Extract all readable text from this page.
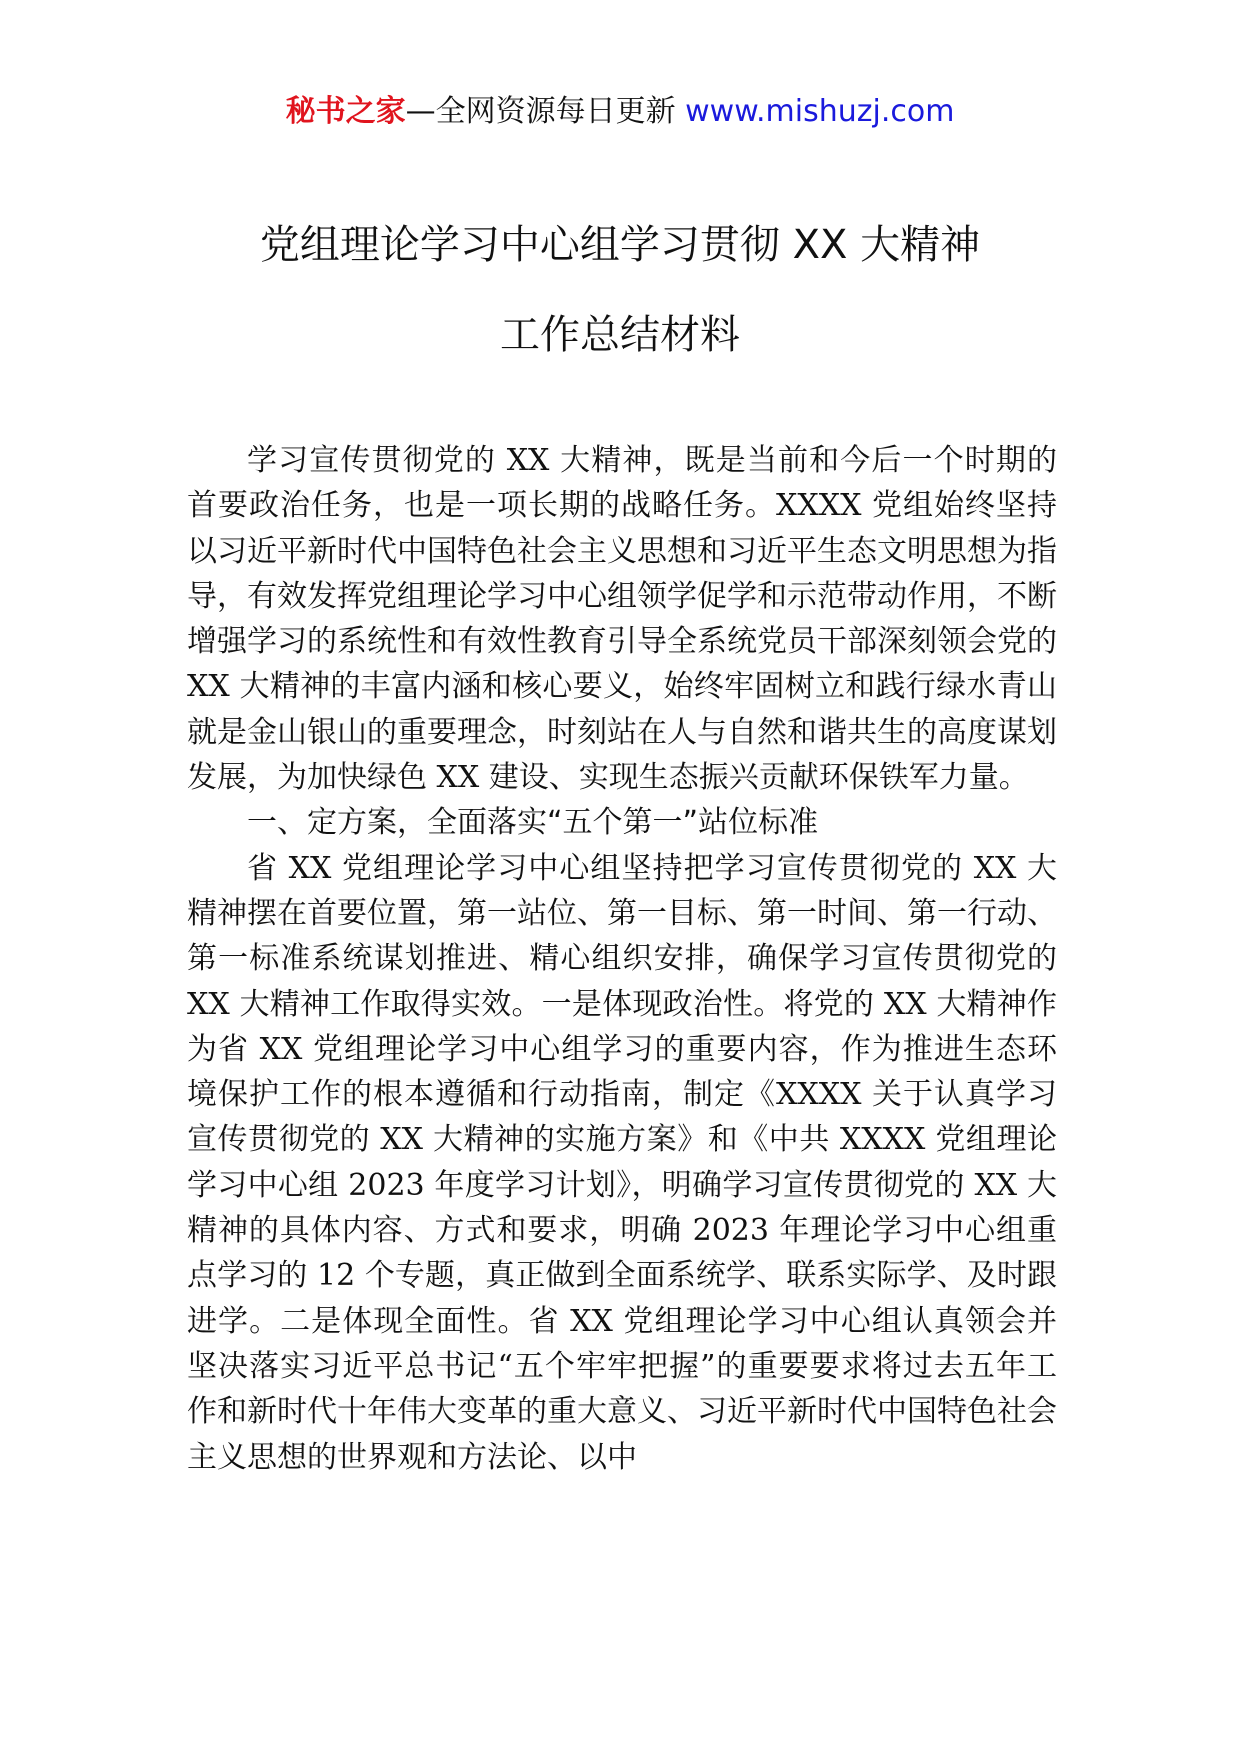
秘书之家—全网资源每日更新 www.mishuzj.com
党组理论学习中心组学习贯彻 XX 大精神
工作总结材料

学习宣传贯彻党的 XX 大精神，既是当前和今后一个时期的首要政治任务，也是一项长期的战略任务。XXXX 党组始终坚持以习近平新时代中国特色社会主义思想和习近平生态文明思想为指导，有效发挥党组理论学习中心组领学促学和示范带动作用，不断增强学习的系统性和有效性教育引导全系统党员干部深刻领会党的 XX 大精神的丰富内涵和核心要义，始终牢固树立和践行绿水青山就是金山银山的重要理念，时刻站在人与自然和谐共生的高度谋划发展，为加快绿色 XX 建设、实现生态振兴贡献环保铁军力量。

一、定方案，全面落实“五个第一”站位标准

省 XX 党组理论学习中心组坚持把学习宣传贯彻党的 XX 大精神摆在首要位置，第一站位、第一目标、第一时间、第一行动、第一标准系统谋划推进、精心组织安排，确保学习宣传贯彻党的 XX 大精神工作取得实效。一是体现政治性。将党的 XX 大精神作为省 XX 党组理论学习中心组学习的重要内容，作为推进生态环境保护工作的根本遵循和行动指南，制定《XXXX 关于认真学习宣传贯彻党的 XX 大精神的实施方案》和《中共 XXXX 党组理论学习中心组 2023 年度学习计划》，明确学习宣传贯彻党的 XX 大精神的具体内容、方式和要求，明确 2023 年理论学习中心组重点学习的 12 个专题，真正做到全面系统学、联系实际学、及时跟进学。二是体现全面性。省 XX 党组理论学习中心组认真领会并坚决落实习近平总书记“五个牢牢把握”的重要要求将过去五年工作和新时代十年伟大变革的重大意义、习近平新时代中国特色社会主义思想的世界观和方法论、以中
